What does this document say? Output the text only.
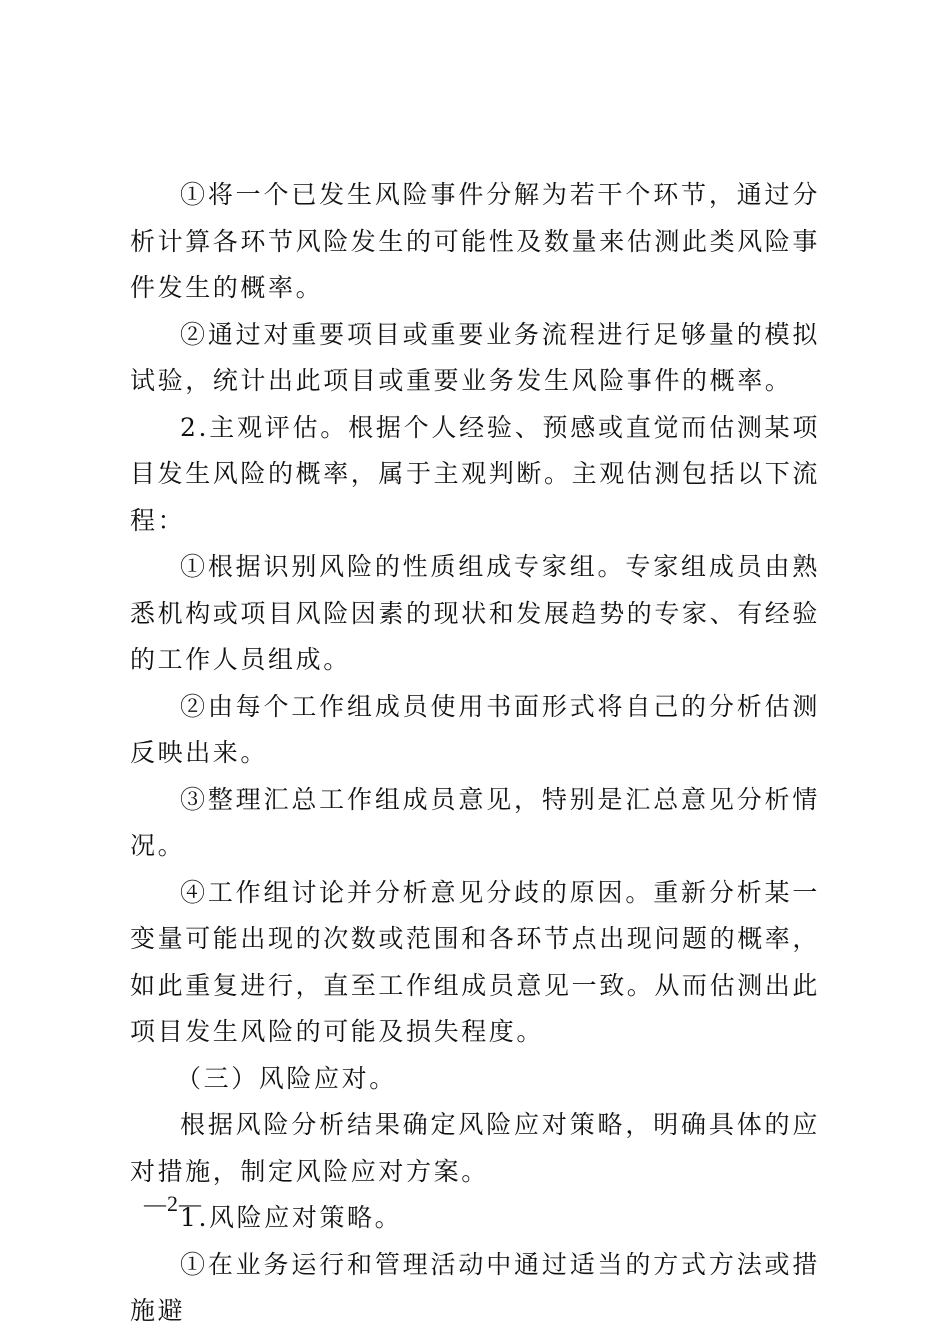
①将一个已发生风险事件分解为若干个环节，通过分析计算各环节风险发生的可能性及数量来估测此类风险事件发生的概率。

②通过对重要项目或重要业务流程进行足够量的模拟试验，统计出此项目或重要业务发生风险事件的概率。

2.主观评估。根据个人经验、预感或直觉而估测某项目发生风险的概率，属于主观判断。主观估测包括以下流程：

①根据识别风险的性质组成专家组。专家组成员由熟悉机构或项目风险因素的现状和发展趋势的专家、有经验的工作人员组成。

②由每个工作组成员使用书面形式将自己的分析估测反映出来。

③整理汇总工作组成员意见，特别是汇总意见分析情况。

④工作组讨论并分析意见分歧的原因。重新分析某一变量可能出现的次数或范围和各环节点出现问题的概率，如此重复进行，直至工作组成员意见一致。从而估测出此项目发生风险的可能及损失程度。

（三）风险应对。

根据风险分析结果确定风险应对策略，明确具体的应对措施，制定风险应对方案。

1.风险应对策略。

①在业务运行和管理活动中通过适当的方式方法或措施避

—2—
